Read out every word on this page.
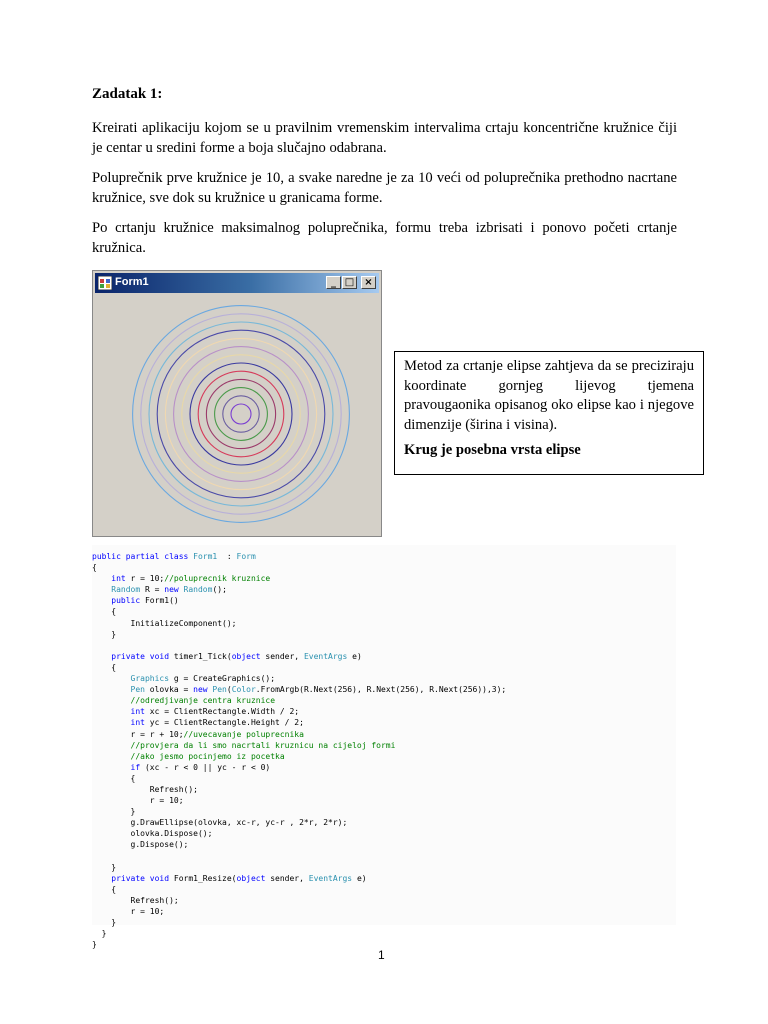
Zadatak 1:
Kreirati aplikaciju kojom se u pravilnim vremenskim intervalima crtaju koncentrične kružnice čiji je centar u sredini forme a boja slučajno odabrana.
Poluprečnik prve kružnice je 10, a svake naredne je za 10 veći od poluprečnika prethodno nacrtane kružnice, sve dok su kružnice u granicama forme.
Po crtanju kružnice maksimalnog poluprečnika, formu treba izbrisati i ponovo početi crtanje kružnica.
Form1	_ □	×
Metod za crtanje elipse zahtjeva da se preciziraju koordinate gornjeg lijevog tjemena pravougaonika opisanog oko elipse kao i njegove dimenzije (širina i visina).
Krug je posebna vrsta elipse
public partial class Form1  : Form
{
int r = 10;//poluprecnik kruznice
Random R = new Random();
public Form1()
{
InitializeComponent();
}
private void timer1_Tick(object sender, EventArgs e)
{
Graphics g = CreateGraphics();
Pen olovka = new Pen(Color.FromArgb(R.Next(256), R.Next(256), R.Next(256)),3);
//odredjivanje centra kruznice
int xc = ClientRectangle.Width / 2;
int yc = ClientRectangle.Height / 2;
r = r + 10;//uvecavanje poluprecnika
//provjera da li smo nacrtali kruznicu na cijeloj formi
//ako jesmo pocinjemo iz pocetka
if (xc - r < 0 || yc - r < 0)
{
Refresh();
r = 10;
}
g.DrawEllipse(olovka, xc-r, yc-r , 2*r, 2*r);
olovka.Dispose();
g.Dispose();
}
private void Form1_Resize(object sender, EventArgs e)
{
Refresh();
r = 10;
}
}
}
1
